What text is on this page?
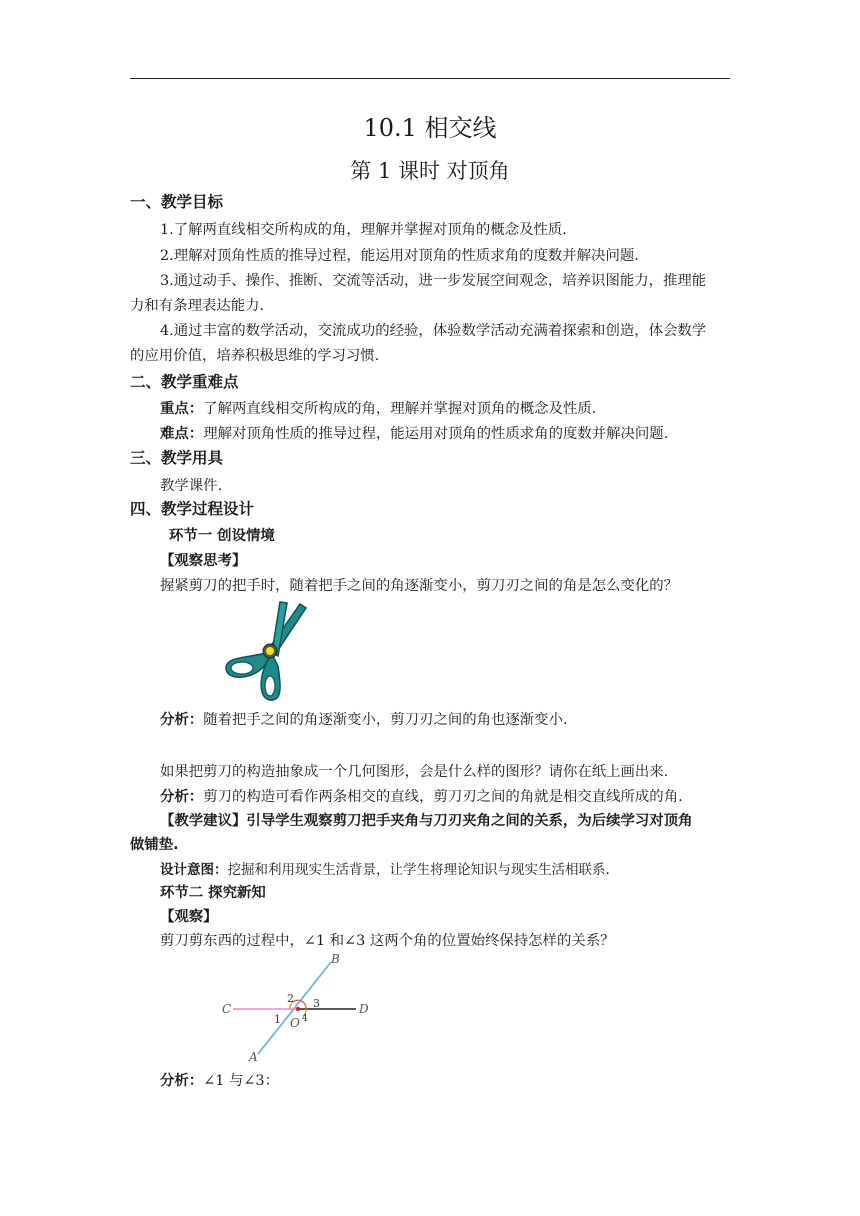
10.1 相交线
第 1 课时 对顶角
一、教学目标
1.了解两直线相交所构成的角，理解并掌握对顶角的概念及性质.
2.理解对顶角性质的推导过程，能运用对顶角的性质求角的度数并解决问题.
3.通过动手、操作、推断、交流等活动，进一步发展空间观念，培养识图能力，推理能
力和有条理表达能力.
4.通过丰富的数学活动，交流成功的经验，体验数学活动充满着探索和创造，体会数学
的应用价值，培养积极思维的学习习惯.
二、教学重难点
重点：了解两直线相交所构成的角，理解并掌握对顶角的概念及性质.
难点：理解对顶角性质的推导过程，能运用对顶角的性质求角的度数并解决问题.
三、教学用具
教学课件.
四、教学过程设计
环节一 创设情境
【观察思考】
握紧剪刀的把手时，随着把手之间的角逐渐变小，剪刀刃之间的角是怎么变化的？
分析：随着把手之间的角逐渐变小，剪刀刃之间的角也逐渐变小.
如果把剪刀的构造抽象成一个几何图形，会是什么样的图形？请你在纸上画出来.
分析：剪刀的构造可看作两条相交的直线，剪刀刃之间的角就是相交直线所成的角.
【教学建议】引导学生观察剪刀把手夹角与刀刃夹角之间的关系，为后续学习对顶角
做铺垫.
设计意图：挖掘和利用现实生活背景，让学生将理论知识与现实生活相联系.
环节二 探究新知
【观察】
剪刀剪东西的过程中，∠1 和∠3 这两个角的位置始终保持怎样的关系？
B
C	D
A
O
1
2 3
4
分析：∠1 与∠3：
